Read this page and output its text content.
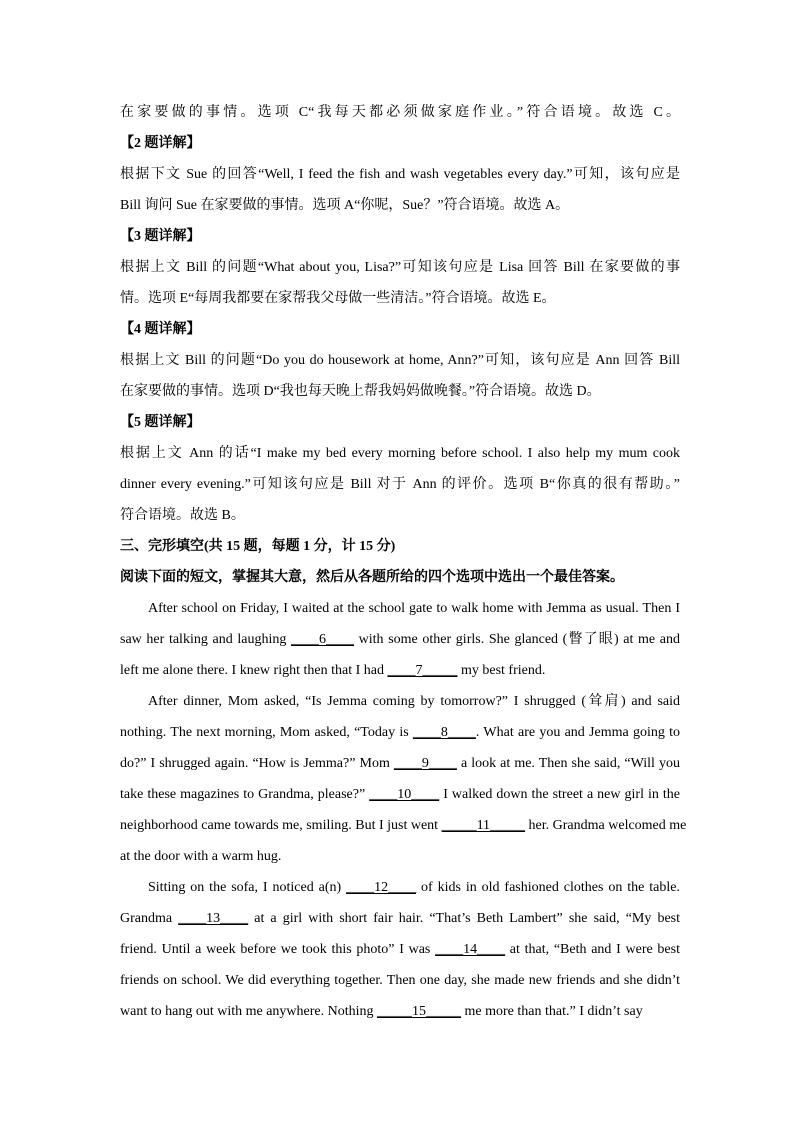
在家要做的事情。选项 C“我每天都必须做家庭作业。”符合语境。故选 C。
【2 题详解】
根据下文 Sue 的回答“Well, I feed the fish and wash vegetables every day.”可知，该句应是
Bill 询问 Sue 在家要做的事情。选项 A“你呢，Sue？”符合语境。故选 A。
【3 题详解】
根据上文 Bill 的问题“What about you, Lisa?”可知该句应是 Lisa 回答 Bill 在家要做的事
情。选项 E“每周我都要在家帮我父母做一些清洁。”符合语境。故选 E。
【4 题详解】
根据上文 Bill 的问题“Do you do housework at home, Ann?”可知，该句应是 Ann 回答 Bill
在家要做的事情。选项 D“我也每天晚上帮我妈妈做晚餐。”符合语境。故选 D。
【5 题详解】
根据上文 Ann 的话“I make my bed every morning before school. I also help my mum cook
dinner every evening.”可知该句应是 Bill 对于 Ann 的评价。选项 B“你真的很有帮助。”
符合语境。故选 B。
三、完形填空(共 15 题，每题 1 分，计 15 分)
阅读下面的短文，掌握其大意，然后从各题所给的四个选项中选出一个最佳答案。
After school on Friday, I waited at the school gate to walk home with Jemma as usual. Then I
saw her talking and laughing ____6____ with some other girls. She glanced (瞥了眼) at me and
left me alone there. I knew right then that I had ____7_____ my best friend.
After dinner, Mom asked, “Is Jemma coming by tomorrow?” I shrugged (耸肩) and said
nothing. The next morning, Mom asked, “Today is ____8____. What are you and Jemma going to
do?” I shrugged again. “How is Jemma?” Mom ____9____ a look at me. Then she said, “Will you
take these magazines to Grandma, please?” ____10____ I walked down the street a new girl in the
neighborhood came towards me, smiling. But I just went _____11_____ her. Grandma welcomed me
at the door with a warm hug.
Sitting on the sofa, I noticed a(n) ____12____ of kids in old fashioned clothes on the table.
Grandma ____13____ at a girl with short fair hair. “That’s Beth Lambert” she said, “My best
friend. Until a week before we took this photo” I was ____14____ at that, “Beth and I were best
friends on school. We did everything together. Then one day, she made new friends and she didn’t
want to hang out with me anywhere. Nothing _____15_____ me more than that.” I didn’t say
